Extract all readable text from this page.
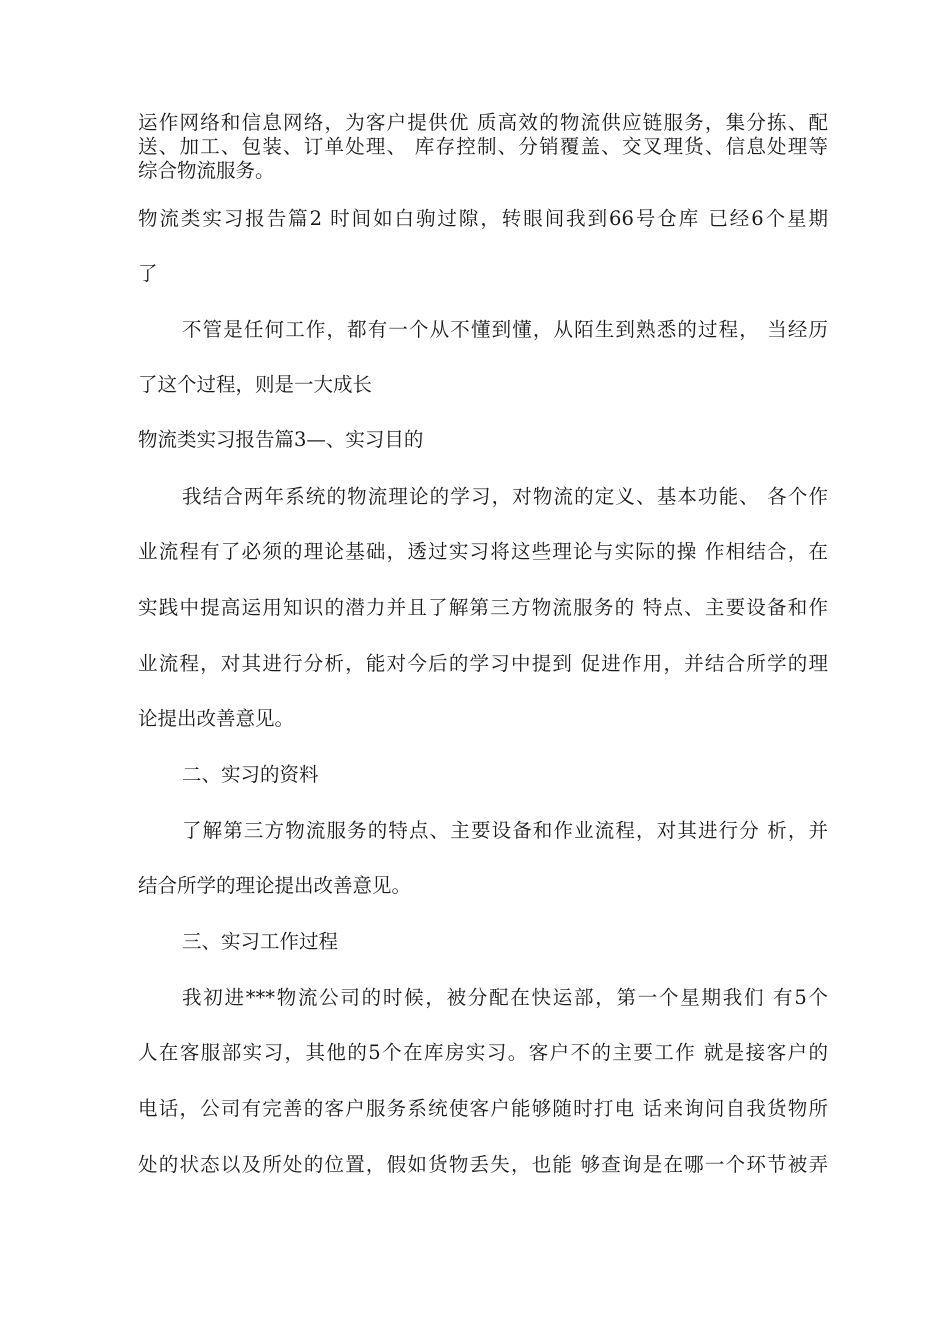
运作网络和信息网络，为客户提供优 质高效的物流供应链服务，集分拣、配
送、加工、包装、订单处理、 库存控制、分销覆盖、交叉理货、信息处理等
综合物流服务。
物流类实习报告篇2 时间如白驹过隙，转眼间我到66号仓库 已经6个星期
了
不管是任何工作，都有一个从不懂到懂，从陌生到熟悉的过程， 当经历
了这个过程，则是一大成长
物流类实习报告篇3—、实习目的
我结合两年系统的物流理论的学习，对物流的定义、基本功能、 各个作
业流程有了必须的理论基础，透过实习将这些理论与实际的操 作相结合，在
实践中提高运用知识的潜力并且了解第三方物流服务的 特点、主要设备和作
业流程，对其进行分析，能对今后的学习中提到 促进作用，并结合所学的理
论提出改善意见。
二、实习的资料
了解第三方物流服务的特点、主要设备和作业流程，对其进行分 析，并
结合所学的理论提出改善意见。
三、实习工作过程
我初进***物流公司的时候，被分配在快运部，第一个星期我们 有5个
人在客服部实习，其他的5个在库房实习。客户不的主要工作 就是接客户的
电话，公司有完善的客户服务系统使客户能够随时打电 话来询问自我货物所
处的状态以及所处的位置，假如货物丢失，也能 够查询是在哪一个环节被弄
